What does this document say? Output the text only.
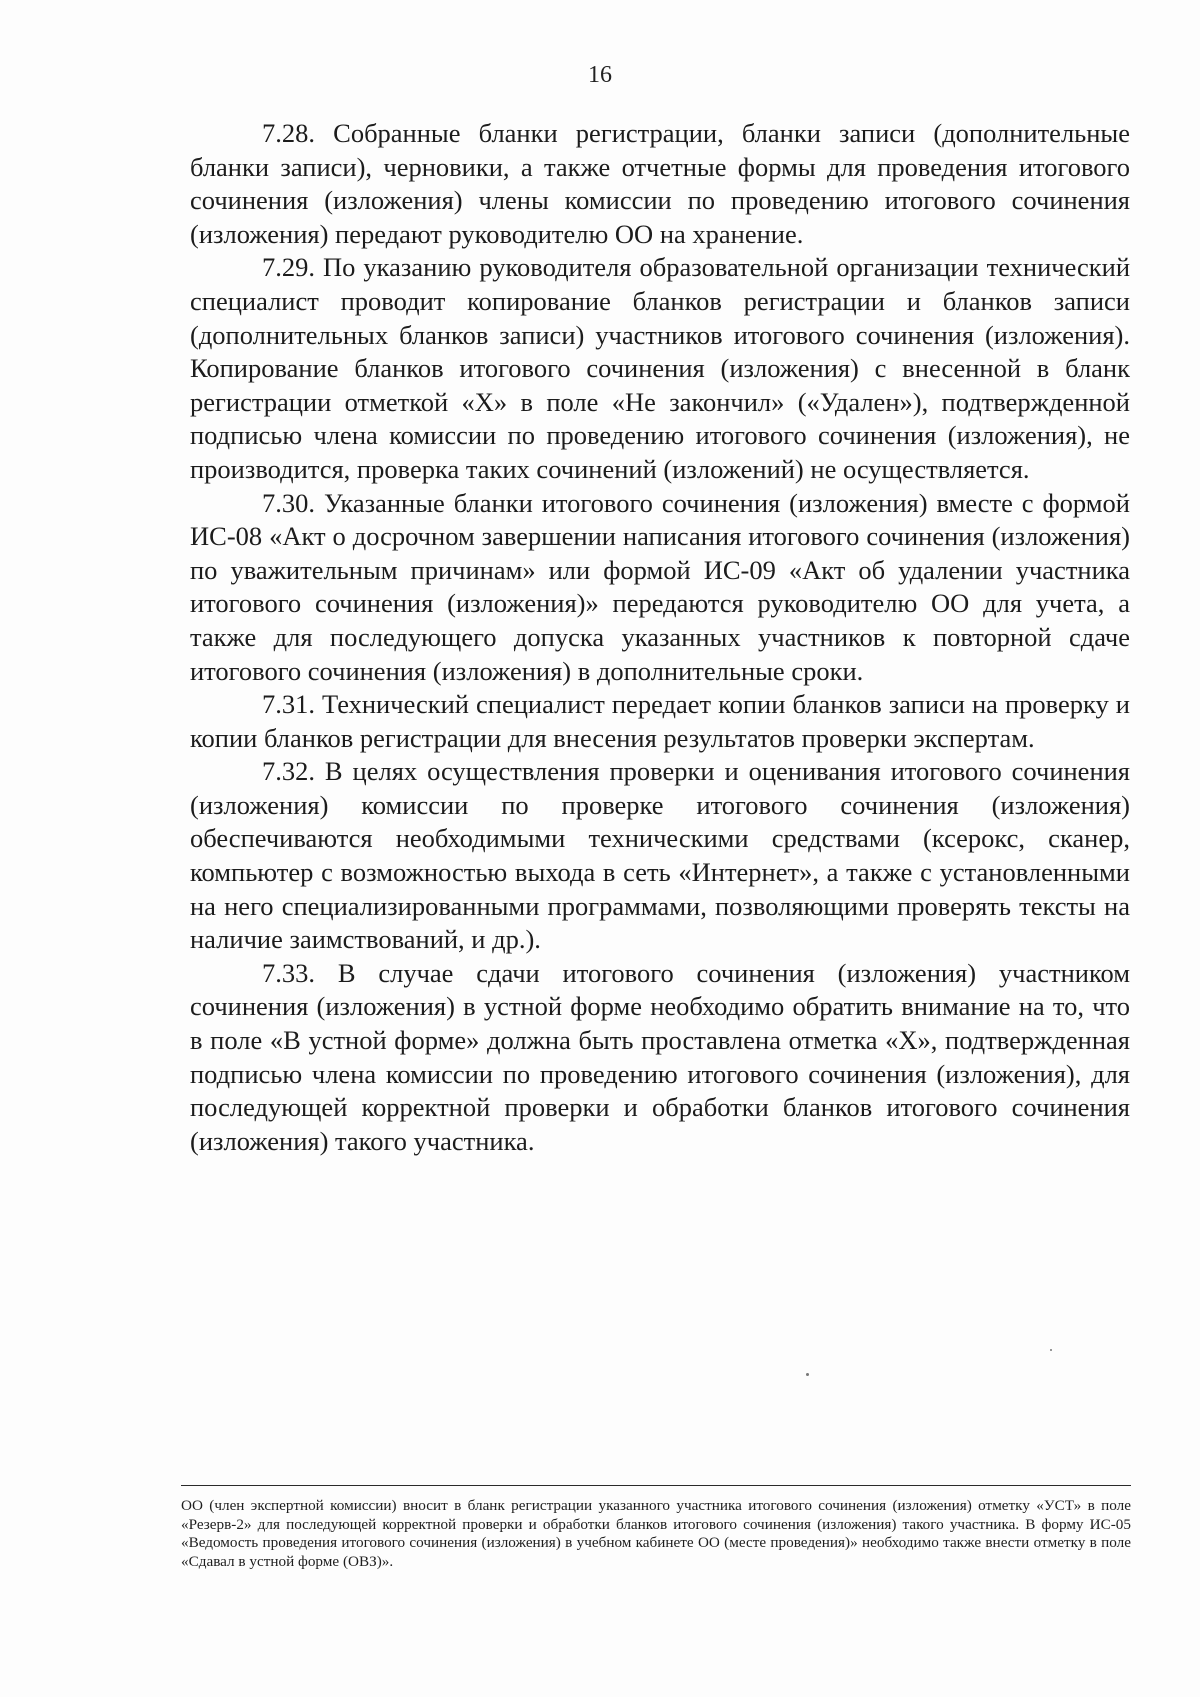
16

7.28. Собранные бланки регистрации, бланки записи (дополнительные бланки записи), черновики, а также отчетные формы для проведения итогового сочинения (изложения) члены комиссии по проведению итогового сочинения (изложения) передают руководителю ОО на хранение.

7.29. По указанию руководителя образовательной организации технический специалист проводит копирование бланков регистрации и бланков записи (дополнительных бланков записи) участников итогового сочинения (изложения). Копирование бланков итогового сочинения (изложения) с внесенной в бланк регистрации отметкой «Х» в поле «Не закончил» («Удален»), подтвержденной подписью члена комиссии по проведению итогового сочинения (изложения), не производится, проверка таких сочинений (изложений) не осуществляется.

7.30. Указанные бланки итогового сочинения (изложения) вместе с формой ИС-08 «Акт о досрочном завершении написания итогового сочинения (изложения) по уважительным причинам» или формой ИС-09 «Акт об удалении участника итогового сочинения (изложения)» передаются руководителю ОО для учета, а также для последующего допуска указанных участников к повторной сдаче итогового сочинения (изложения) в дополнительные сроки.

7.31. Технический специалист передает копии бланков записи на проверку и копии бланков регистрации для внесения результатов проверки экспертам.

7.32. В целях осуществления проверки и оценивания итогового сочинения (изложения) комиссии по проверке итогового сочинения (изложения) обеспечиваются необходимыми техническими средствами (ксерокс, сканер, компьютер с возможностью выхода в сеть «Интернет», а также с установленными на него специализированными программами, позволяющими проверять тексты на наличие заимствований, и др.).

7.33. В случае сдачи итогового сочинения (изложения) участником сочинения (изложения) в устной форме необходимо обратить внимание на то, что в поле «В устной форме» должна быть проставлена отметка «Х», подтвержденная подписью члена комиссии по проведению итогового сочинения (изложения), для последующей корректной проверки и обработки бланков итогового сочинения (изложения) такого участника.

ОО (член экспертной комиссии) вносит в бланк регистрации указанного участника итогового сочинения (изложения) отметку «УСТ» в поле «Резерв-2» для последующей корректной проверки и обработки бланков итогового сочинения (изложения) такого участника. В форму ИС-05 «Ведомость проведения итогового сочинения (изложения) в учебном кабинете ОО (месте проведения)» необходимо также внести отметку в поле «Сдавал в устной форме (ОВЗ)».
